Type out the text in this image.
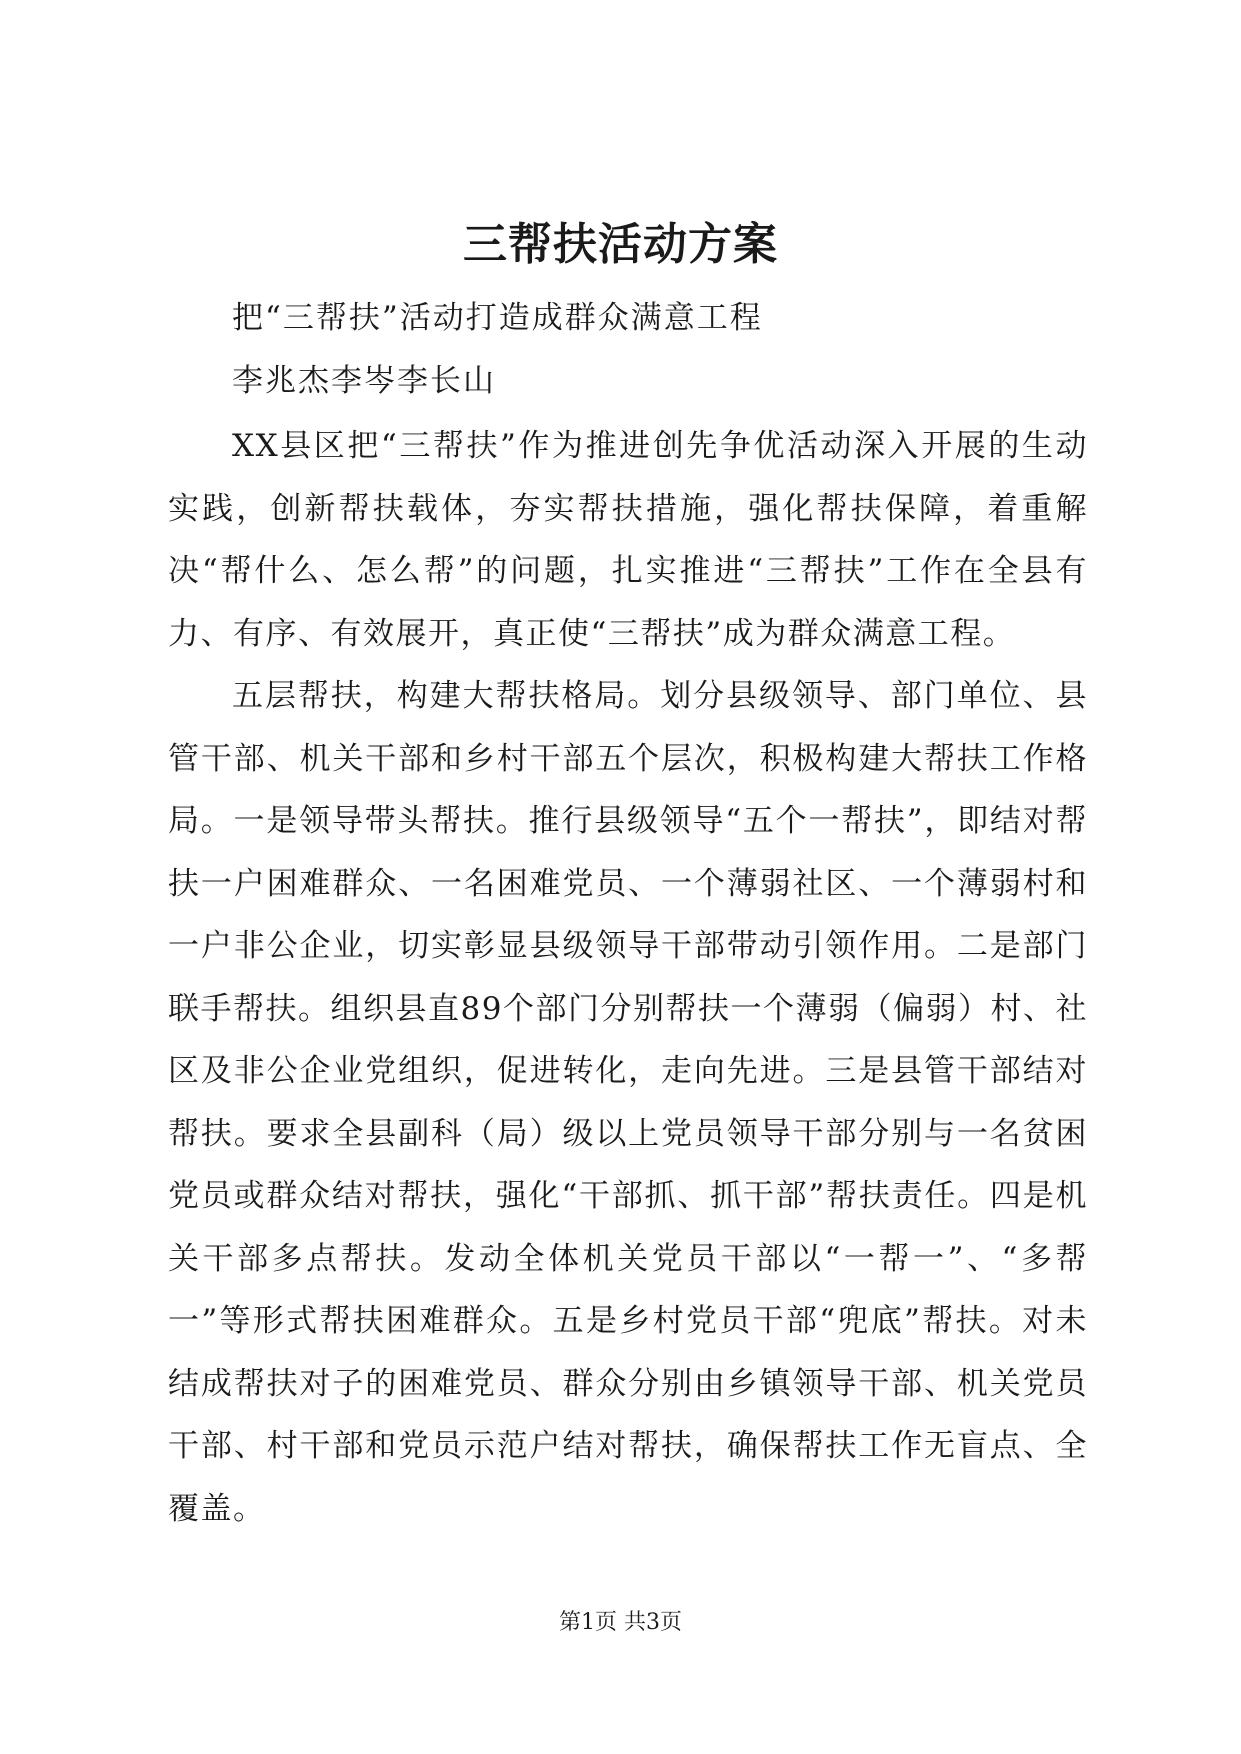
三帮扶活动方案

把“三帮扶”活动打造成群众满意工程

李兆杰李岑李长山

XX县区把“三帮扶”作为推进创先争优活动深入开展的生动实践，创新帮扶载体，夯实帮扶措施，强化帮扶保障，着重解决“帮什么、怎么帮”的问题，扎实推进“三帮扶”工作在全县有力、有序、有效展开，真正使“三帮扶”成为群众满意工程。

五层帮扶，构建大帮扶格局。划分县级领导、部门单位、县管干部、机关干部和乡村干部五个层次，积极构建大帮扶工作格局。一是领导带头帮扶。推行县级领导“五个一帮扶”，即结对帮扶一户困难群众、一名困难党员、一个薄弱社区、一个薄弱村和一户非公企业，切实彰显县级领导干部带动引领作用。二是部门联手帮扶。组织县直89个部门分别帮扶一个薄弱（偏弱）村、社区及非公企业党组织，促进转化，走向先进。三是县管干部结对帮扶。要求全县副科（局）级以上党员领导干部分别与一名贫困党员或群众结对帮扶，强化“干部抓、抓干部”帮扶责任。四是机关干部多点帮扶。发动全体机关党员干部以“一帮一”、“多帮一”等形式帮扶困难群众。五是乡村党员干部“兜底”帮扶。对未结成帮扶对子的困难党员、群众分别由乡镇领导干部、机关党员干部、村干部和党员示范户结对帮扶，确保帮扶工作无盲点、全覆盖。

第1页 共3页
